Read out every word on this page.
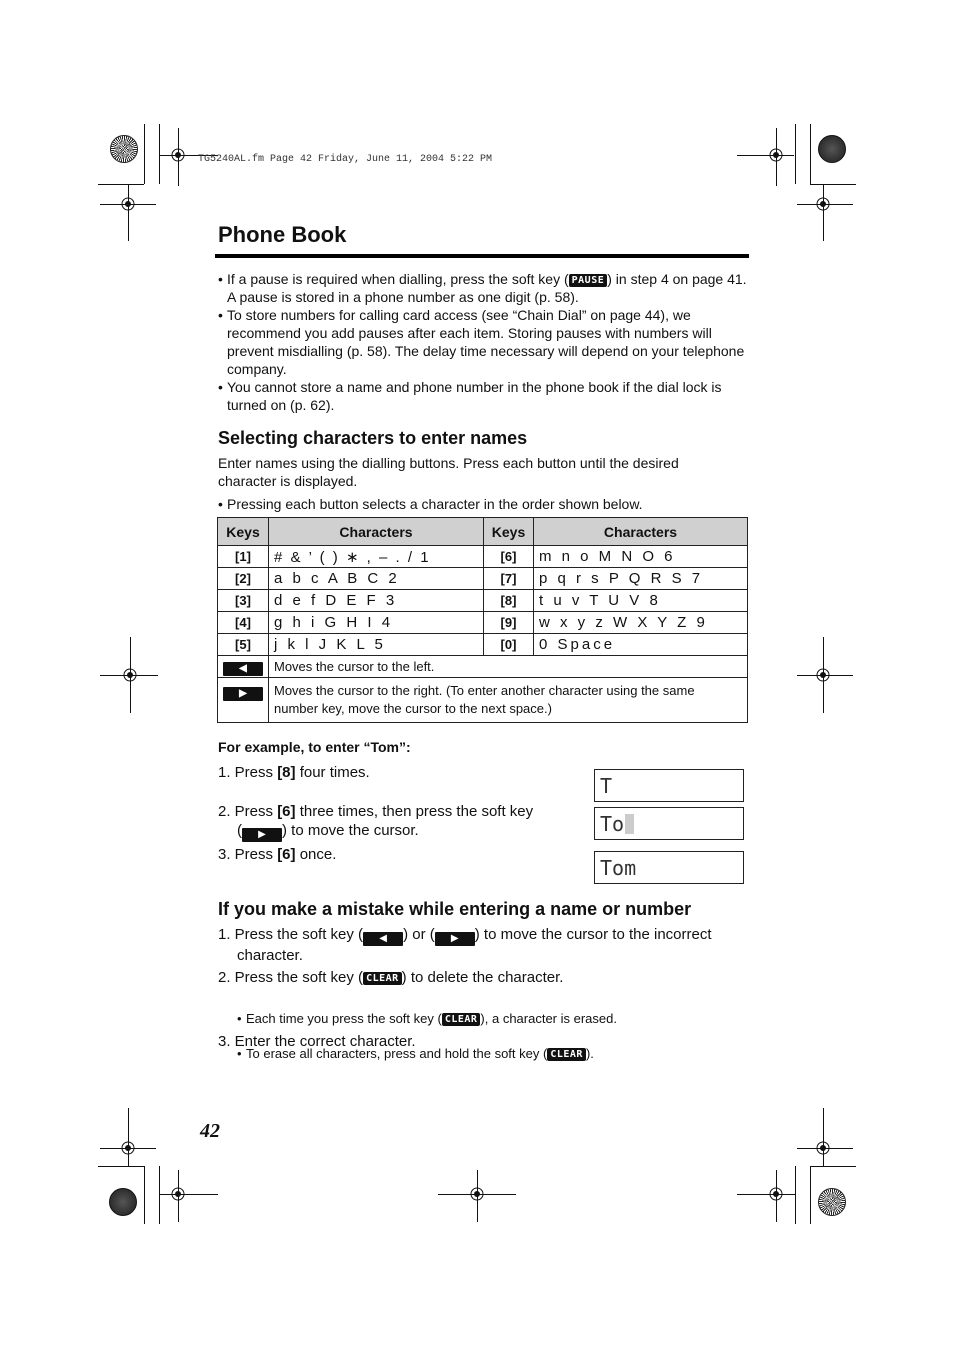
TG5240AL.fm Page 42 Friday, June 11, 2004 5:22 PM
Phone Book
• If a pause is required when dialling, press the soft key ( PAUSE ) in step 4 on page 41. A pause is stored in a phone number as one digit (p. 58).
• To store numbers for calling card access (see “Chain Dial” on page 44), we recommend you add pauses after each item. Storing pauses with numbers will prevent misdialling (p. 58). The delay time necessary will depend on your telephone company.
• You cannot store a name and phone number in the phone book if the dial lock is turned on (p. 62).
Selecting characters to enter names
Enter names using the dialling buttons. Press each button until the desired character is displayed.
• Pressing each button selects a character in the order shown below.
Keys	Characters	Keys	Characters
[1]	# & ’ ( ) ∗ , – . / 1	[6]	m n o M N O 6
[2]	a b c A B C 2	[7]	p q r s P Q R S 7
[3]	d e f D E F 3	[8]	t u v T U V 8
[4]	g h i G H I 4	[9]	w x y z W X Y Z 9
[5]	j k l J K L 5	[0]	0 Space
◀	Moves the cursor to the left.		
▶	Moves the cursor to the right. (To enter another character using the same number key, move the cursor to the next space.)		
For example, to enter “Tom”:
1. Press [8] four times.
2. Press [6] three times, then press the soft key
( ▶ ) to move the cursor.
3. Press [6] once.
T
To
Tom
If you make a mistake while entering a name or number
1. Press the soft key ( ◀ ) or ( ▶ ) to move the cursor to the incorrect
character.
2. Press the soft key ( CLEAR ) to delete the character.
• Each time you press the soft key ( CLEAR ), a character is erased.
• To erase all characters, press and hold the soft key ( CLEAR ).
3. Enter the correct character.
42
